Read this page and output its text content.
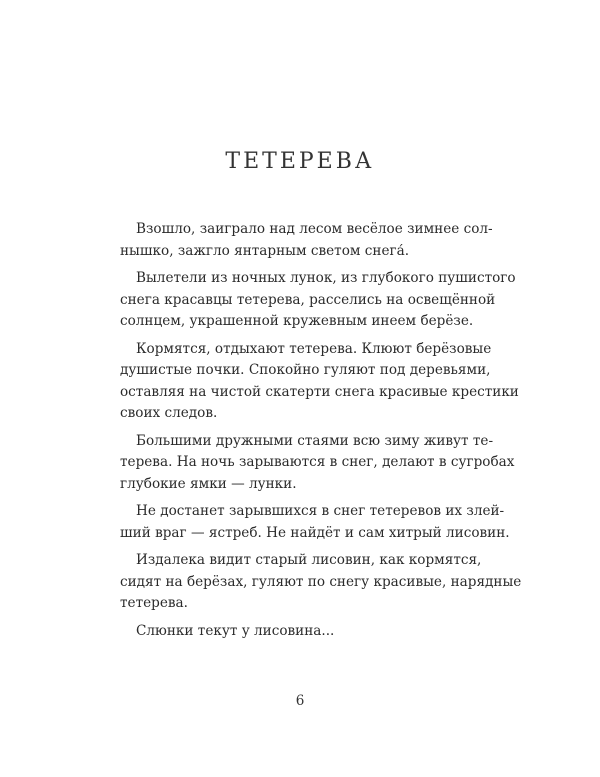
ТЕТЕРЕВА

Взошло, заиграло над лесом весёлое зимнее сол-
нышко, зажгло янтарным светом снега́.

Вылетели из ночных лунок, из глубокого пушистого
снега красавцы тетерева, расселись на освещённой
солнцем, украшенной кружевным инеем берёзе.

Кормятся, отдыхают тетерева. Клюют берёзовые
душистые почки. Спокойно гуляют под деревьями,
оставляя на чистой скатерти снега красивые крестики
своих следов.

Большими дружными стаями всю зиму живут те-
терева. На ночь зарываются в снег, делают в сугробах
глубокие ямки — лунки.

Не достанет зарывшихся в снег тетеревов их злей-
ший враг — ястреб. Не найдёт и сам хитрый лисовин.

Издалека видит старый лисовин, как кормятся,
сидят на берёзах, гуляют по снегу красивые, нарядные
тетерева.

Слюнки текут у лисовина...

6
